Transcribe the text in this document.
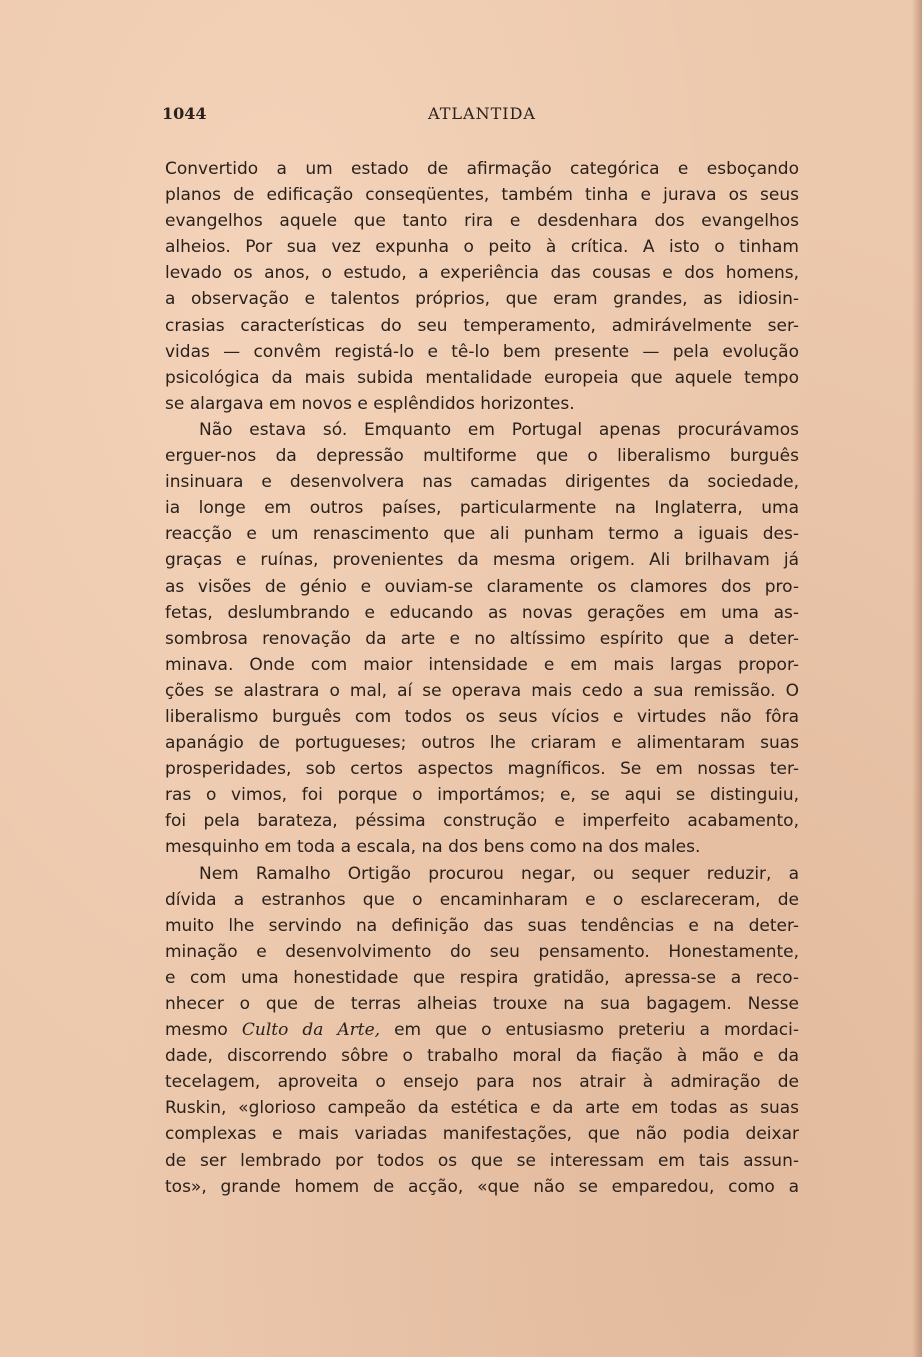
1044	ATLANTIDA
Convertido a um estado de afirmação categórica e esboçando
planos de edificação conseqüentes, também tinha e jurava os seus
evangelhos aquele que tanto rira e desdenhara dos evangelhos
alheios. Por sua vez expunha o peito à crítica. A isto o tinham
levado os anos, o estudo, a experiência das cousas e dos homens,
a observação e talentos próprios, que eram grandes, as idiosin-
crasias características do seu temperamento, admirávelmente ser-
vidas — convêm registá-lo e tê-lo bem presente — pela evolução
psicológica da mais subida mentalidade europeia que aquele tempo
se alargava em novos e esplêndidos horizontes.
Não estava só. Emquanto em Portugal apenas procurávamos
erguer-nos da depressão multiforme que o liberalismo burguês
insinuara e desenvolvera nas camadas dirigentes da sociedade,
ia longe em outros países, particularmente na Inglaterra, uma
reacção e um renascimento que ali punham termo a iguais des-
graças e ruínas, provenientes da mesma origem. Ali brilhavam já
as visões de génio e ouviam-se claramente os clamores dos pro-
fetas, deslumbrando e educando as novas gerações em uma as-
sombrosa renovação da arte e no altíssimo espírito que a deter-
minava. Onde com maior intensidade e em mais largas propor-
ções se alastrara o mal, aí se operava mais cedo a sua remissão. O
liberalismo burguês com todos os seus vícios e virtudes não fôra
apanágio de portugueses; outros lhe criaram e alimentaram suas
prosperidades, sob certos aspectos magníficos. Se em nossas ter-
ras o vimos, foi porque o importámos; e, se aqui se distinguiu,
foi pela barateza, péssima construção e imperfeito acabamento,
mesquinho em toda a escala, na dos bens como na dos males.
Nem Ramalho Ortigão procurou negar, ou sequer reduzir, a
dívida a estranhos que o encaminharam e o esclareceram, de
muito lhe servindo na definição das suas tendências e na deter-
minação e desenvolvimento do seu pensamento. Honestamente,
e com uma honestidade que respira gratidão, apressa-se a reco-
nhecer o que de terras alheias trouxe na sua bagagem. Nesse
mesmo Culto da Arte, em que o entusiasmo preteriu a mordaci-
dade, discorrendo sôbre o trabalho moral da fiação à mão e da
tecelagem, aproveita o ensejo para nos atrair à admiração de
Ruskin, «glorioso campeão da estética e da arte em todas as suas
complexas e mais variadas manifestações, que não podia deixar
de ser lembrado por todos os que se interessam em tais assun-
tos», grande homem de acção, «que não se emparedou, como a
